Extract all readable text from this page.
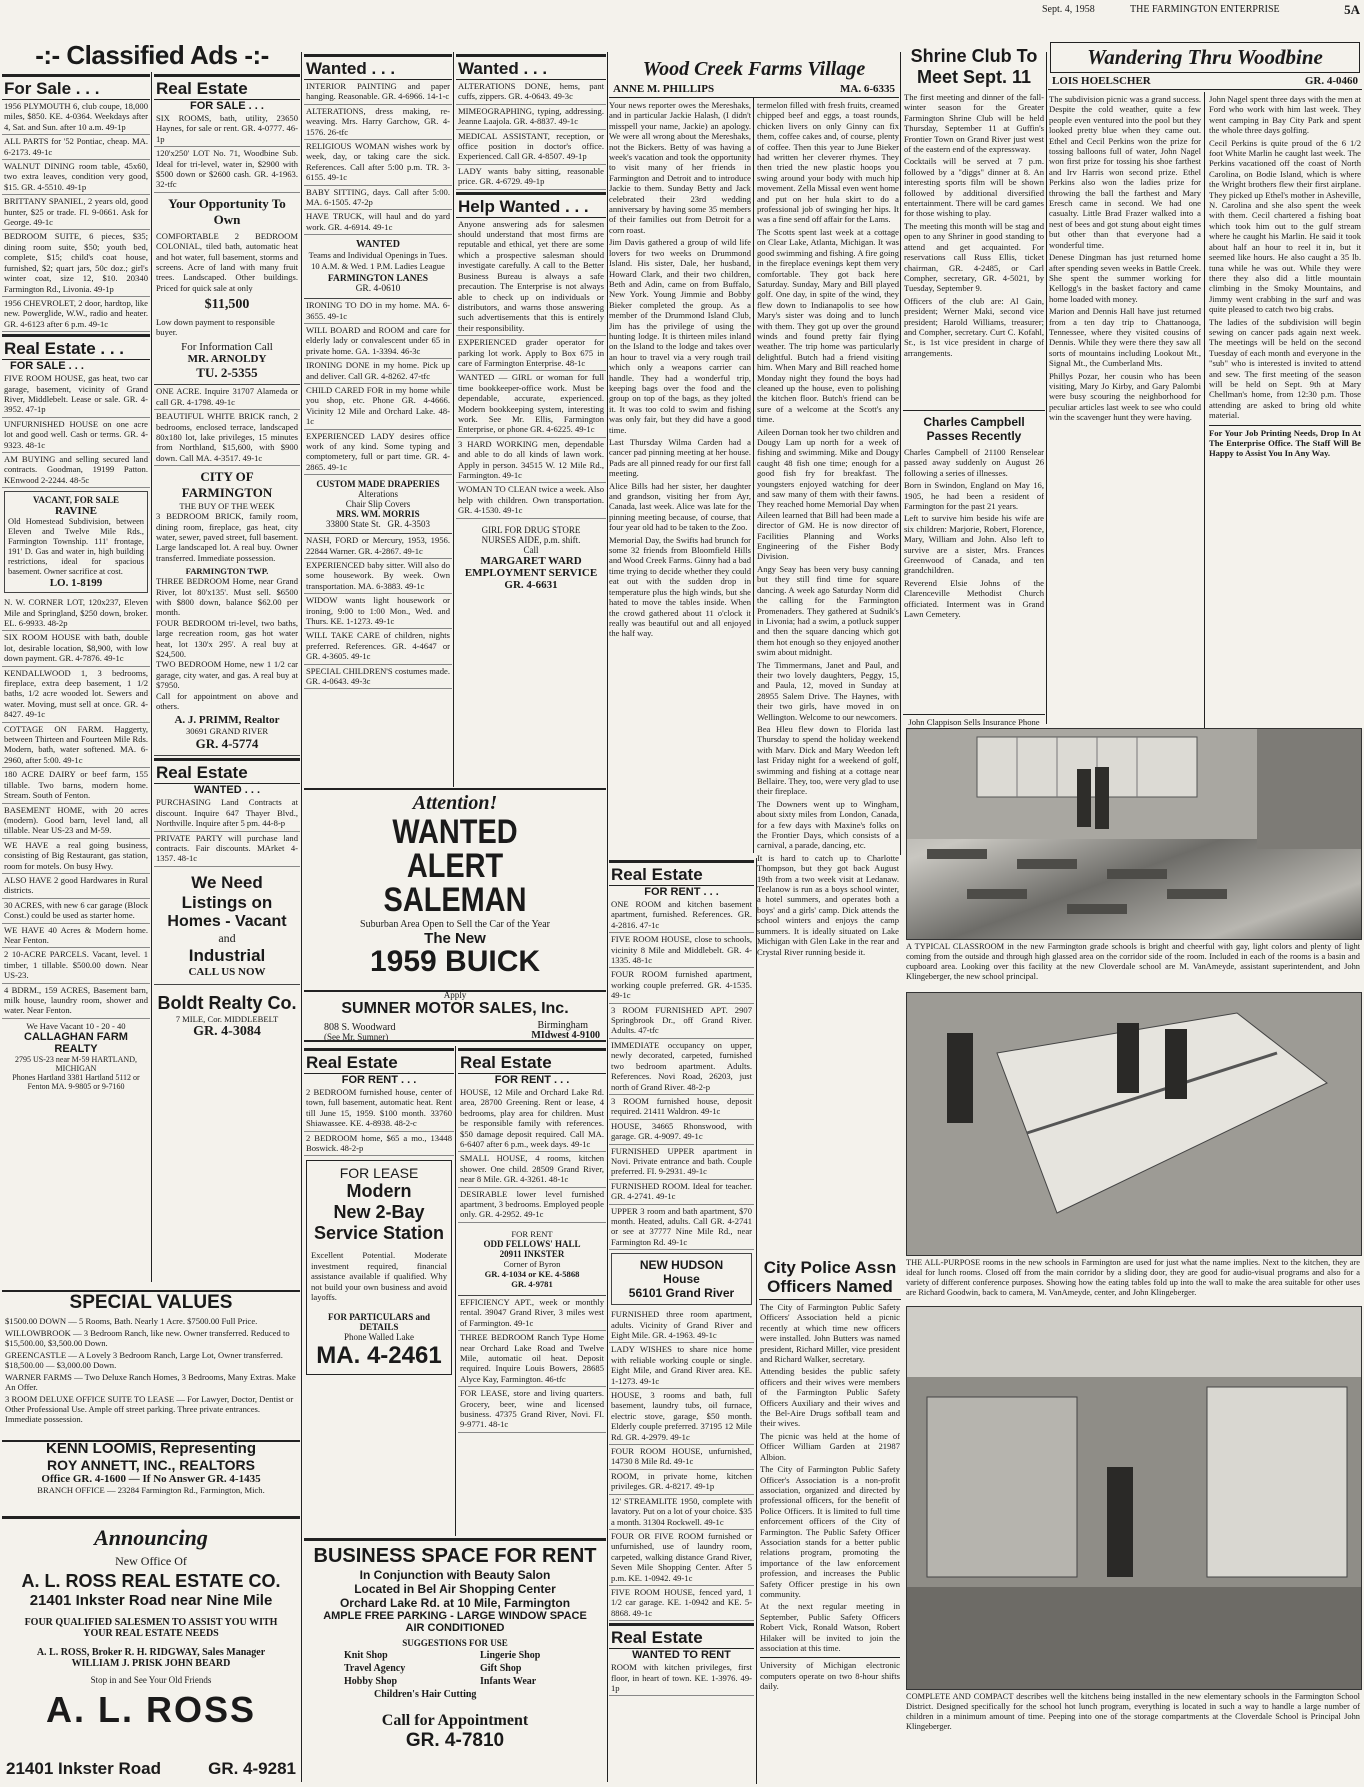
Sept. 4, 1958	THE FARMINGTON ENTERPRISE	5A
-:- Classified Ads -:-
For Sale . . .

1956 PLYMOUTH 6, club coupe, 18,000 miles, $850. KE. 4-0364. Weekdays after 4, Sat. and Sun. after 10 a.m. 49-1p

ALL PARTS for '52 Pontiac, cheap. MA. 6-2173. 49-1c

WALNUT DINING room table, 45x60, two extra leaves, condition very good, $15. GR. 4-5510. 49-1p

BRITTANY SPANIEL, 2 years old, good hunter, $25 or trade. FI. 9-0661. Ask for George. 49-1c

BEDROOM SUITE, 6 pieces, $35; dining room suite, $50; youth bed, complete, $15; child's coat house, furnished, $2; quart jars, 50c doz.; girl's winter coat, size 12, $10. 20340 Farmington Rd., Livonia. 49-1p

1956 CHEVROLET, 2 door, hardtop, like new. Powerglide, W.W., radio and heater. GR. 4-6123 after 6 p.m. 49-1c

Real Estate . . .
FOR SALE . . .

FIVE ROOM HOUSE, gas heat, two car garage, basement, vicinity of Grand River, Middlebelt. Lease or sale. GR. 4-3952. 47-1p

UNFURNISHED HOUSE on one acre lot and good well. Cash or terms. GR. 4-9323. 48-1c

AM BUYING and selling secured land contracts. Goodman, 19199 Patton. KEnwood 2-2244. 48-5c

VACANT, FOR SALE
RAVINE
Old Homestead Subdivision, between Eleven and Twelve Mile Rds., Farmington Township. 111' frontage, 191' D. Gas and water in, high building restrictions, ideal for spacious basement. Owner sacrifice at cost.
LO. 1-8199

N. W. CORNER LOT, 120x237, Eleven Mile and Springland, $250 down, broker. EL. 6-9933. 48-2p

SIX ROOM HOUSE with bath, double lot, desirable location, $8,900, with low down payment. GR. 4-7876. 49-1c

KENDALLWOOD 1, 3 bedrooms, fireplace, extra deep basement, 1 1/2 baths, 1/2 acre wooded lot. Sewers and water. Moving, must sell at once. GR. 4-8427. 49-1c

COTTAGE ON FARM. Haggerty, between Thirteen and Fourteen Mile Rds. Modern, bath, water softened. MA. 6-2960, after 5:00. 49-1c

180 ACRE DAIRY or beef farm, 155 tillable. Two barns, modern home. Stream. South of Fenton.

BASEMENT HOME, with 20 acres (modern). Good barn, level land, all tillable. Near US-23 and M-59.

WE HAVE a real going business, consisting of Big Restaurant, gas station, room for motels. On busy Hwy.

ALSO HAVE 2 good Hardwares in Rural districts.

30 ACRES, with new 6 car garage (Block Const.) could be used as starter home.

WE HAVE 40 Acres & Modern home. Near Fenton.

2 10-ACRE PARCELS. Vacant, level. 1 timber, 1 tillable. $500.00 down. Near US-23.

4 BDRM., 159 ACRES, Basement barn, milk house, laundry room, shower and water. Near Fenton.

We Have Vacant 10 - 20 - 40
CALLAGHAN FARM REALTY
2795 US-23 near M-59 HARTLAND, MICHIGAN
Phones Hartland 3381 Hartland 5112 or Fenton MA. 9-9805 or 9-7160
Real Estate
FOR SALE . . .

SIX ROOMS, bath, utility, 23650 Haynes, for sale or rent. GR. 4-0777. 46-1p

120'x250' LOT No. 71, Woodbine Sub. Ideal for tri-level, water in, $2900 with $500 down or $2600 cash. GR. 4-1963. 32-tfc

Your Opportunity To Own
COMFORTABLE 2 BEDROOM COLONIAL, tiled bath, automatic heat and hot water, full basement, storms and screens. Acre of land with many fruit trees. Landscaped. Other buildings. Priced for quick sale at only
$11,500
Low down payment to responsible buyer.
For Information Call
MR. ARNOLDY
TU. 2-5355

ONE ACRE. Inquire 31707 Alameda or call GR. 4-1798. 49-1c

BEAUTIFUL WHITE BRICK ranch, 2 bedrooms, enclosed terrace, landscaped 80x180 lot, lake privileges, 15 minutes from Northland, $15,600, with $900 down. Call MA. 4-3517. 49-1c

CITY OF FARMINGTON
THE BUY OF THE WEEK
3 BEDROOM BRICK, family room, dining room, fireplace, gas heat, city water, sewer, paved street, full basement. Large landscaped lot. A real buy. Owner transferred. Immediate possession.
FARMINGTON TWP.
THREE BEDROOM Home, near Grand River, lot 80'x135'. Must sell. $6500 with $800 down, balance $62.00 per month.
FOUR BEDROOM tri-level, two baths, large recreation room, gas hot water heat, lot 130'x 295'. A real buy at $24,500.
TWO BEDROOM Home, new 1 1/2 car garage, city water, and gas. A real buy at $7950.
Call for appointment on above and others.
A. J. PRIMM, Realtor
30691 GRAND RIVER
GR. 4-5774
Real Estate
WANTED . . .

PURCHASING Land Contracts at discount. Inquire 647 Thayer Blvd., Northville. Inquire after 5 pm. 44-8-p

PRIVATE PARTY will purchase land contracts. Fair discounts. MArket 4-1357. 48-1c

We Need
Listings on
Homes - Vacant
and
Industrial
CALL US NOW
Boldt Realty Co.
7 MILE, Cor. MIDDLEBELT
GR. 4-3084
SPECIAL VALUES
$1500.00 DOWN — 5 Rooms, Bath. Nearly 1 Acre. $7500.00 Full Price.
WILLOWBROOK — 3 Bedroom Ranch, like new. Owner transferred. Reduced to $15,500.00, $3,500.00 Down.
GREENCASTLE — A Lovely 3 Bedroom Ranch, Large Lot, Owner transferred. $18,500.00 — $3,000.00 Down.
WARNER FARMS — Two Deluxe Ranch Homes, 3 Bedrooms, Many Extras. Make An Offer.
3 ROOM DELUXE OFFICE SUITE TO LEASE — For Lawyer, Doctor, Dentist or Other Professional Use. Ample off street parking. Three private entrances. Immediate possession.
KENN LOOMIS, Representing
ROY ANNETT, INC., REALTORS
Office GR. 4-1600 — If No Answer GR. 4-1435
BRANCH OFFICE — 23284 Farmington Rd., Farmington, Mich.
Announcing
New Office Of
A. L. ROSS REAL ESTATE CO.
21401 Inkster Road near Nine Mile
FOUR QUALIFIED SALESMEN TO ASSIST YOU WITH YOUR REAL ESTATE NEEDS
A. L. ROSS, Broker R. H. RIDGWAY, Sales Manager
WILLIAM J. PRISK JOHN BEARD
Stop in and See Your Old Friends
A. L. ROSS
21401 Inkster Road	GR. 4-9281
Wanted . . .

INTERIOR PAINTING and paper hanging. Reasonable. GR. 4-6966. 14-1-c

ALTERATIONS, dress making, re-weaving. Mrs. Harry Garchow, GR. 4-1576. 26-tfc

RELIGIOUS WOMAN wishes work by week, day, or taking care the sick. References. Call after 5:00 p.m. TR. 3-6155. 49-1c

BABY SITTING, days. Call after 5:00. MA. 6-1505. 47-2p

HAVE TRUCK, will haul and do yard work. GR. 4-6914. 49-1c

WANTED
Teams and Individual Openings in Tues. 10 A.M. & Wed. 1 P.M. Ladies League
FARMINGTON LANES
GR. 4-0610

IRONING TO DO in my home. MA. 6-3655. 49-1c

WILL BOARD and ROOM and care for elderly lady or convalescent under 65 in private home. GA. 1-3394. 46-3c

IRONING DONE in my home. Pick up and deliver. Call GR. 4-8262. 47-tfc

CHILD CARED FOR in my home while you shop, etc. Phone GR. 4-4666. Vicinity 12 Mile and Orchard Lake. 48-1c

EXPERIENCED LADY desires office work of any kind. Some typing and comptometery, full or part time. GR. 4-2865. 49-1c

CUSTOM MADE DRAPERIES
Alterations
Chair Slip Covers
MRS. WM. MORRIS
33800 State St. GR. 4-3503

NASH, FORD or Mercury, 1953, 1956. 22844 Warner. GR. 4-2867. 49-1c

EXPERIENCED baby sitter. Will also do some housework. By week. Own transportation. MA. 6-3883. 49-1c

WIDOW wants light housework or ironing, 9:00 to 1:00 Mon., Wed. and Thurs. KE. 1-1273. 49-1c

WILL TAKE CARE of children, nights preferred. References. GR. 4-4647 or GR. 4-3605. 49-1c

SPECIAL CHILDREN'S costumes made. GR. 4-0643. 49-3c

Wanted . . .

ALTERATIONS DONE, hems, pant cuffs, zippers. GR. 4-0643. 49-3c

MIMEOGRAPHING, typing, addressing. Jeanne Laajola. GR. 4-8837. 49-1c

MEDICAL ASSISTANT, reception, or office position in doctor's office. Experienced. Call GR. 4-8507. 49-1p

LADY wants baby sitting, reasonable price. GR. 4-6729. 49-1p

Help Wanted . . .

Anyone answering ads for salesmen should understand that most firms are reputable and ethical, yet there are some which a prospective salesman should investigate carefully. A call to the Better Business Bureau is always a safe precaution. The Enterprise is not always able to check up on individuals or distributors, and warns those answering such advertisements that this is entirely their responsibility.

EXPERIENCED grader operator for parking lot work. Apply to Box 675 in care of Farmington Enterprise. 48-1c

WANTED — GIRL or woman for full time bookkeeper-office work. Must be dependable, accurate, experienced. Modern bookkeeping system, interesting work. See Mr. Ellis, Farmington Enterprise, or phone GR. 4-6225. 49-1c

3 HARD WORKING men, dependable and able to do all kinds of lawn work. Apply in person. 34515 W. 12 Mile Rd., Farmington. 49-1c

WOMAN TO CLEAN twice a week. Also help with children. Own transportation. GR. 4-1530. 49-1c

GIRL FOR DRUG STORE
NURSES AIDE, p.m. shift.
Call
MARGARET WARD EMPLOYMENT SERVICE
GR. 4-6631
Attention!
WANTED
ALERT
SALEMAN
Suburban Area Open to Sell the Car of the Year
The New
1959 BUICK
Apply
SUMNER MOTOR SALES, Inc.
808 S. Woodward
(See Mr. Sumner)
Birmingham
MIdwest 4-9100
Real Estate
FOR RENT . . .

2 BEDROOM furnished house, center of town, full basement, automatic heat. Rent till June 15, 1959. $100 month. 33760 Shiawassee. KE. 4-8938. 48-2-c

2 BEDROOM home, $65 a mo., 13448 Boswick. 48-2-p

FOR LEASE
Modern
New 2-Bay
Service Station
Excellent Potential. Moderate investment required, financial assistance available if qualified. Why not build your own business and avoid layoffs.
FOR PARTICULARS and DETAILS
Phone Walled Lake
MA. 4-2461
Real Estate
FOR RENT . . .

HOUSE, 12 Mile and Orchard Lake Rd. area, 28700 Greening. Rent or lease, 4 bedrooms, play area for children. Must be responsible family with references. $50 damage deposit required. Call MA. 6-6407 after 6 p.m., week days. 49-1c

SMALL HOUSE, 4 rooms, kitchen shower. One child. 28509 Grand River, near 8 Mile. GR. 4-3261. 48-1c

DESIRABLE lower level furnished apartment, 3 bedrooms. Employed people only. GR. 4-2952. 49-1c

FOR RENT
ODD FELLOWS' HALL
20911 INKSTER
Corner of Byron
GR. 4-1034 or KE. 4-5868
GR. 4-9781

EFFICIENCY APT., week or monthly rental. 39047 Grand River, 3 miles west of Farmington. 49-1c

THREE BEDROOM Ranch Type Home near Orchard Lake Road and Twelve Mile, automatic oil heat. Deposit required. Inquire Louis Bowers, 28685 Alyce Kay, Farmington. 46-tfc

FOR LEASE, store and living quarters. Grocery, beer, wine and licensed business. 47375 Grand River, Novi. FI. 9-9771. 48-1c

BUSINESS SPACE FOR RENT
In Conjunction with Beauty Salon
Located in Bel Air Shopping Center
Orchard Lake Rd. at 10 Mile, Farmington
AMPLE FREE PARKING - LARGE WINDOW SPACE
AIR CONDITIONED
SUGGESTIONS FOR USE
Knit Shop	Lingerie Shop
Travel Agency	Gift Shop
Hobby Shop	Infants Wear
Children's Hair Cutting
Call for Appointment
GR. 4-7810
Wood Creek Farms Village
ANNE M. PHILLIPS	MA. 6-6335

Your news reporter owes the Mereshaks, and in particular Jackie Halash, (I didn't misspell your name, Jackie) an apology. We were all wrong about the Mereshaks, not the Bickers. Betty of was having a week's vacation and took the opportunity to visit many of her friends in Farmington and Detroit and to introduce Jackie to them. Sunday Betty and Jack celebrated their 23rd wedding anniversary by having some 35 members of their families out from Detroit for a corn roast.

Jim Davis gathered a group of wild life lovers for two weeks on Drummond Island. His sister, Dale, her husband, Howard Clark, and their two children, Beth and Adin, came on from Buffalo, New York. Young Jimmie and Bobby Bieker completed the group. As a member of the Drummond Island Club, Jim has the privilege of using the hunting lodge. It is thirteen miles inland on the Island to the lodge and takes over an hour to travel via a very rough trail which only a weapons carrier can handle. They had a wonderful trip, keeping bags over the food and the group on top of the bags, as they jolted it. It was too cold to swim and fishing was only fair, but they did have a good time.

Last Thursday Wilma Carden had a cancer pad pinning meeting at her house. Pads are all pinned ready for our first fall meeting.

Alice Bills had her sister, her daughter and grandson, visiting her from Ayr, Canada, last week. Alice was late for the pinning meeting because, of course, that four year old had to be taken to the Zoo.

Memorial Day, the Swifts had brunch for some 32 friends from Bloomfield Hills and Wood Creek Farms. Ginny had a bad time trying to decide whether they could eat out with the sudden drop in temperature plus the high winds, but she hated to move the tables inside. When the crowd gathered about 11 o'clock it really was beautiful out and all enjoyed the half way.

termelon filled with fresh fruits, creamed chipped beef and eggs, a toast rounds, chicken livers on only Ginny can fix them, coffee cakes and, of course, plenty of coffee. Then this year to June Bieker had written her cleverer rhymes. They then tried the new plastic hoops you swing around your body with much hip movement. Zella Missal even went home and put on her hula skirt to do a professional job of swinging her hips. It was a fine send off affair for the Lams.

The Scotts spent last week at a cottage on Clear Lake, Atlanta, Michigan. It was good swimming and fishing. A fire going in the fireplace evenings kept them very comfortable. They got back here Saturday. Sunday, Mary and Bill played golf. One day, in spite of the wind, they flew down to Indianapolis to see how Mary's sister was doing and to lunch with them. They got up over the ground winds and found pretty fair flying weather. The trip home was particularly delightful. Butch had a friend visiting him. When Mary and Bill reached home Monday night they found the boys had cleaned up the house, even to polishing the kitchen floor. Butch's friend can be sure of a welcome at the Scott's any time.

Aileen Dornan took her two children and Dougy Lam up north for a week of fishing and swimming. Mike and Dougy caught 48 fish one time; enough for a good fish fry for breakfast. The youngsters enjoyed watching for deer and saw many of them with their fawns. They reached home Memorial Day when Aileen learned that Bill had been made a director of GM. He is now director of Facilities Planning and Works Engineering of the Fisher Body Division.

Angy Seay has been very busy canning but they still find time for square dancing. A week ago Saturday Norm did the calling for the Farmington Promenaders. They gathered at Sudnik's in Livonia; had a swim, a potluck supper and then the square dancing which got them hot enough so they enjoyed another swim about midnight.

The Timmermans, Janet and Paul, and their two lovely daughters, Peggy, 15, and Paula, 12, moved in Sunday at 28955 Salem Drive. The Haynes, with their two girls, have moved in on Wellington. Welcome to our newcomers.

Bea Hleu flew down to Florida last Thursday to spend the holiday weekend with Marv. Dick and Mary Weedon left last Friday night for a weekend of golf, swimming and fishing at a cottage near Bellaire. They, too, were very glad to use their fireplace.

The Downers went up to Wingham, about sixty miles from London, Canada, for a few days with Maxine's folks on the Frontier Days, which consists of a carnival, a parade, dancing, etc.

It is hard to catch up to Charlotte Thompson, but they got back August 19th from a two week visit at Ledanaw. Teelanow is run as a boys school winter, a hotel summers, and operates both a boys' and a girls' camp. Dick attends the school winters and enjoys the camp summers. It is ideally situated on Lake Michigan with Glen Lake in the rear and Crystal River running beside it.

Real Estate
FOR RENT . . .

ONE ROOM and kitchen basement apartment, furnished. References. GR. 4-2816. 47-1c

FIVE ROOM HOUSE, close to schools, vicinity 8 Mile and Middlebelt. GR. 4-1335. 48-1c

FOUR ROOM furnished apartment, working couple preferred. GR. 4-1535. 49-1c

3 ROOM FURNISHED APT. 2907 Springbrook Dr., off Grand River. Adults. 47-tfc

IMMEDIATE occupancy on upper, newly decorated, carpeted, furnished two bedroom apartment. Adults. References. Novi Road, 26203, just north of Grand River. 48-2-p

3 ROOM furnished house, deposit required. 21411 Waldron. 49-1c

HOUSE, 34665 Rhonswood, with garage. GR. 4-9097. 49-1c

FURNISHED UPPER apartment in Novi. Private entrance and bath. Couple preferred. FI. 9-2931. 49-1c

FURNISHED ROOM. Ideal for teacher. GR. 4-2741. 49-1c

UPPER 3 room and bath apartment, $70 month. Heated, adults. Call GR. 4-2741 or see at 37777 Nine Mile Rd., near Farmington Rd. 49-1c

NEW HUDSON
House
56101 Grand River

FURNISHED three room apartment, adults. Vicinity of Grand River and Eight Mile. GR. 4-1963. 49-1c

LADY WISHES to share nice home with reliable working couple or single. Eight Mile, and Grand River area. KE. 1-1273. 49-1c

HOUSE, 3 rooms and bath, full basement, laundry tubs, oil furnace, electric stove, garage, $50 month. Elderly couple preferred. 37195 12 Mile Rd. GR. 4-2979. 49-1c

FOUR ROOM HOUSE, unfurnished, 14730 8 Mile Rd. 49-1c

ROOM, in private home, kitchen privileges. GR. 4-8217. 49-1p

12' STREAMLITE 1950, complete with lavatory. Put on a lot of your choice. $35 a month. 31304 Rockwell. 49-1c

FOUR OR FIVE ROOM furnished or unfurnished, use of laundry room, carpeted, walking distance Grand River, Seven Mile Shopping Center. After 5 p.m. KE. 1-0942. 49-1c

FIVE ROOM HOUSE, fenced yard, 1 1/2 car garage. KE. 1-0942 and KE. 5-8868. 49-1c

Real Estate
WANTED TO RENT

ROOM with kitchen privileges, first floor, in heart of town. KE. 1-3976. 49-1p

City Police Assn Officers Named

The City of Farmington Public Safety Officers' Association held a picnic recently at which time new officers were installed. John Butters was named president, Richard Miller, vice president and Richard Walker, secretary.

Attending besides the public safety officers and their wives were members of the Farmington Public Safety Officers Auxiliary and their wives and the Bel-Aire Drugs softball team and their wives.

The picnic was held at the home of Officer William Garden at 21987 Albion.

The City of Farmington Public Safety Officer's Association is a non-profit association, organized and directed by professional officers, for the benefit of Police Officers. It is limited to full time enforcement officers of the City of Farmington. The Public Safety Officer Association stands for a better public relations program, promoting the importance of the law enforcement profession, and increases the Public Safety Officer prestige in his own community.

At the next regular meeting in September, Public Safety Officers Robert Vick, Ronald Watson, Robert Hilaker will be invited to join the association at this time.

University of Michigan electronic computers operate on two 8-hour shifts daily.

Shrine Club To Meet Sept. 11

The first meeting and dinner of the fall-winter season for the Greater Farmington Shrine Club will be held Thursday, September 11 at Guffin's Frontier Town on Grand River just west of the eastern end of the expressway.

Cocktails will be served at 7 p.m. followed by a "diggs" dinner at 8. An interesting sports film will be shown followed by additional diversified entertainment. There will be card games for those wishing to play.

The meeting this month will be stag and open to any Shriner in good standing to attend and get acquainted. For reservations call Russ Ellis, ticket chairman, GR. 4-2485, or Carl Compher, secretary, GR. 4-5021, by Tuesday, September 9.

Officers of the club are: Al Gain, president; Werner Maki, second vice president; Harold Williams, treasurer; and Compher, secretary. Curt C. Kofahl, Sr., is 1st vice president in charge of arrangements.

Charles Campbell Passes Recently

Charles Campbell of 21100 Renselear passed away suddenly on August 26 following a series of illnesses.

Born in Swindon, England on May 16, 1905, he had been a resident of Farmington for the past 21 years.

Left to survive him beside his wife are six children: Marjorie, Robert, Florence, Mary, William and John. Also left to survive are a sister, Mrs. Frances Greenwood of Canada, and ten grandchildren.

Reverend Elsie Johns of the Clarenceville Methodist Church officiated. Interment was in Grand Lawn Cemetery.

John Clappison Sells Insurance Phone
Wandering Thru Woodbine
LOIS HOELSCHER	GR. 4-0460

The subdivision picnic was a grand success. Despite the cold weather, quite a few people even ventured into the pool but they looked pretty blue when they came out. Ethel and Cecil Perkins won the prize for tossing balloons full of water, John Nagel won first prize for tossing his shoe farthest and Irv Harris won second prize. Ethel Perkins also won the ladies prize for throwing the ball the farthest and Mary Eresch came in second. We had one casualty. Little Brad Frazer walked into a nest of bees and got stung about eight times but other than that everyone had a wonderful time.

Denese Dingman has just returned home after spending seven weeks in Battle Creek. She spent the summer working for Kellogg's in the basket factory and came home loaded with money.

Marion and Dennis Hall have just returned from a ten day trip to Chattanooga, Tennessee, where they visited cousins of Dennis. While they were there they saw all sorts of mountains including Lookout Mt., Signal Mt., the Cumberland Mts.

Phillys Pozar, her cousin who has been visiting, Mary Jo Kirby, and Gary Palombi were busy scouring the neighborhood for peculiar articles last week to see who could win the scavenger hunt they were having.

John Nagel spent three days with the men at Ford who work with him last week. They went camping in Bay City Park and spent the whole three days golfing.

Cecil Perkins is quite proud of the 6 1/2 foot White Marlin he caught last week. The Perkins vacationed off the coast of North Carolina, on Bodie Island, which is where the Wright brothers flew their first airplane. They picked up Ethel's mother in Asheville, N. Carolina and she also spent the week with them. Cecil chartered a fishing boat which took him out to the gulf stream where he caught his Marlin. He said it took about half an hour to reel it in, but it seemed like hours. He also caught a 35 lb. tuna while he was out. While they were there they also did a little mountain climbing in the Smoky Mountains, and Jimmy went crabbing in the surf and was quite pleased to catch two big crabs.

The ladies of the subdivision will begin sewing on cancer pads again next week. The meetings will be held on the second Tuesday of each month and everyone in the "sub" who is interested is invited to attend and sew. The first meeting of the season will be held on Sept. 9th at Mary Chellman's home, from 12:30 p.m. Those attending are asked to bring old white material.

For Your Job Printing Needs, Drop In At The Enterprise Office. The Staff Will Be Happy to Assist You In Any Way.

A TYPICAL CLASSROOM in the new Farmington grade schools is bright and cheerful with gay, light colors and plenty of light coming from the outside and through high glassed area on the corridor side of the room. Included in each of the rooms is a basin and cupboard area. Looking over this facility at the new Cloverdale school are M. VanAmeyde, assistant superintendent, and John Klingeberger, the new school principal.
THE ALL-PURPOSE rooms in the new schools in Farmington are used for just what the name implies. Next to the kitchen, they are ideal for lunch rooms. Closed off from the main corridor by a sliding door, they are good for audio-visual programs and also for a variety of different conference purposes. Showing how the eating tables fold up into the wall to make the area suitable for other uses are Richard Goodwin, back to camera, M. VanAmeyde, center, and John Klingeberger.
COMPLETE AND COMPACT describes well the kitchens being installed in the new elementary schools in the Farmington School District. Designed specifically for the school hot lunch program, everything is located in such a way to handle a large number of children in a minimum amount of time. Peeping into one of the storage compartments at the Cloverdale School is Principal John Klingeberger.
